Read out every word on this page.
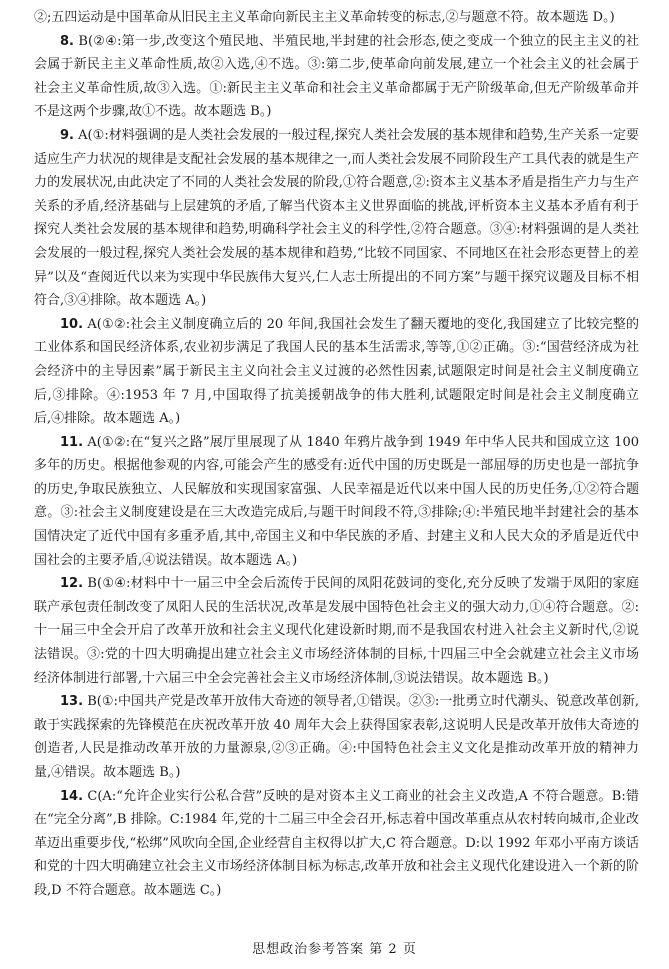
②;五四运动是中国革命从旧民主主义革命向新民主主义革命转变的标志,②与题意不符。故本题选 D。)

8. B(②④:第一步,改变这个殖民地、半殖民地,半封建的社会形态,使之变成一个独立的民主主义的社会属于新民主主义革命性质,故②入选,④不选。③:第二步,使革命向前发展,建立一个社会主义的社会属于社会主义革命性质,故③入选。①:新民主主义革命和社会主义革命都属于无产阶级革命,但无产阶级革命并不是这两个步骤,故①不选。故本题选 B。)

9. A(①:材料强调的是人类社会发展的一般过程,探究人类社会发展的基本规律和趋势,生产关系一定要适应生产力状况的规律是支配社会发展的基本规律之一,而人类社会发展不同阶段生产工具代表的就是生产力的发展状况,由此决定了不同的人类社会发展的阶段,①符合题意,②:资本主义基本矛盾是指生产力与生产关系的矛盾,经济基础与上层建筑的矛盾,了解当代资本主义世界面临的挑战,评析资本主义基本矛盾有利于探究人类社会发展的基本规律和趋势,明确科学社会主义的科学性,②符合题意。③④:材料强调的是人类社会发展的一般过程,探究人类社会发展的基本规律和趋势,“比较不同国家、不同地区在社会形态更替上的差异”以及“查阅近代以来为实现中华民族伟大复兴,仁人志士所提出的不同方案”与题干探究议题及目标不相符合,③④排除。故本题选 A。)

10. A(①②:社会主义制度确立后的 20 年间,我国社会发生了翻天覆地的变化,我国建立了比较完整的工业体系和国民经济体系,农业初步满足了我国人民的基本生活需求,等等,①②正确。③:“国营经济成为社会经济中的主导因素”属于新民主主义向社会主义过渡的必然性因素,试题限定时间是社会主义制度确立后,③排除。④:1953 年 7 月,中国取得了抗美援朝战争的伟大胜利,试题限定时间是社会主义制度确立后,④排除。故本题选 A。)

11. A(①②:在“复兴之路”展厅里展现了从 1840 年鸦片战争到 1949 年中华人民共和国成立这 100 多年的历史。根据他参观的内容,可能会产生的感受有:近代中国的历史既是一部屈辱的历史也是一部抗争的历史,争取民族独立、人民解放和实现国家富强、人民幸福是近代以来中国人民的历史任务,①②符合题意。③:社会主义制度建设是在三大改造完成后,与题干时间段不符,③排除;④:半殖民地半封建社会的基本国情决定了近代中国有多重矛盾,其中,帝国主义和中华民族的矛盾、封建主义和人民大众的矛盾是近代中国社会的主要矛盾,④说法错误。故本题选 A。)

12. B(①④:材料中十一届三中全会后流传于民间的凤阳花鼓词的变化,充分反映了发端于凤阳的家庭联产承包责任制改变了凤阳人民的生活状况,改革是发展中国特色社会主义的强大动力,①④符合题意。②:十一届三中全会开启了改革开放和社会主义现代化建设新时期,而不是我国农村进入社会主义新时代,②说法错误。③:党的十四大明确提出建立社会主义市场经济体制的目标,十四届三中全会就建立社会主义市场经济体制进行部署,十六届三中全会完善社会主义市场经济体制,③说法错误。故本题选 B。)

13. B(①:中国共产党是改革开放伟大奇迹的领导者,①错误。②③:一批勇立时代潮头、锐意改革创新,敢于实践探索的先锋模范在庆祝改革开放 40 周年大会上获得国家表彰,这说明人民是改革开放伟大奇迹的创造者,人民是推动改革开放的力量源泉,②③正确。④:中国特色社会主义文化是推动改革开放的精神力量,④错误。故本题选 B。)

14. C(A:“允许企业实行公私合营”反映的是对资本主义工商业的社会主义改造,A 不符合题意。B:错在“完全分离”,B 排除。C:1984 年,党的十二届三中全会召开,标志着中国改革重点从农村转向城市,企业改革迈出重要步伐,“松绑”风吹向全国,企业经营自主权得以扩大,C 符合题意。D:以 1992 年邓小平南方谈话和党的十四大明确建立社会主义市场经济体制目标为标志,改革开放和社会主义现代化建设进入一个新的阶段,D 不符合题意。故本题选 C。)

思想政治参考答案 第 2 页
